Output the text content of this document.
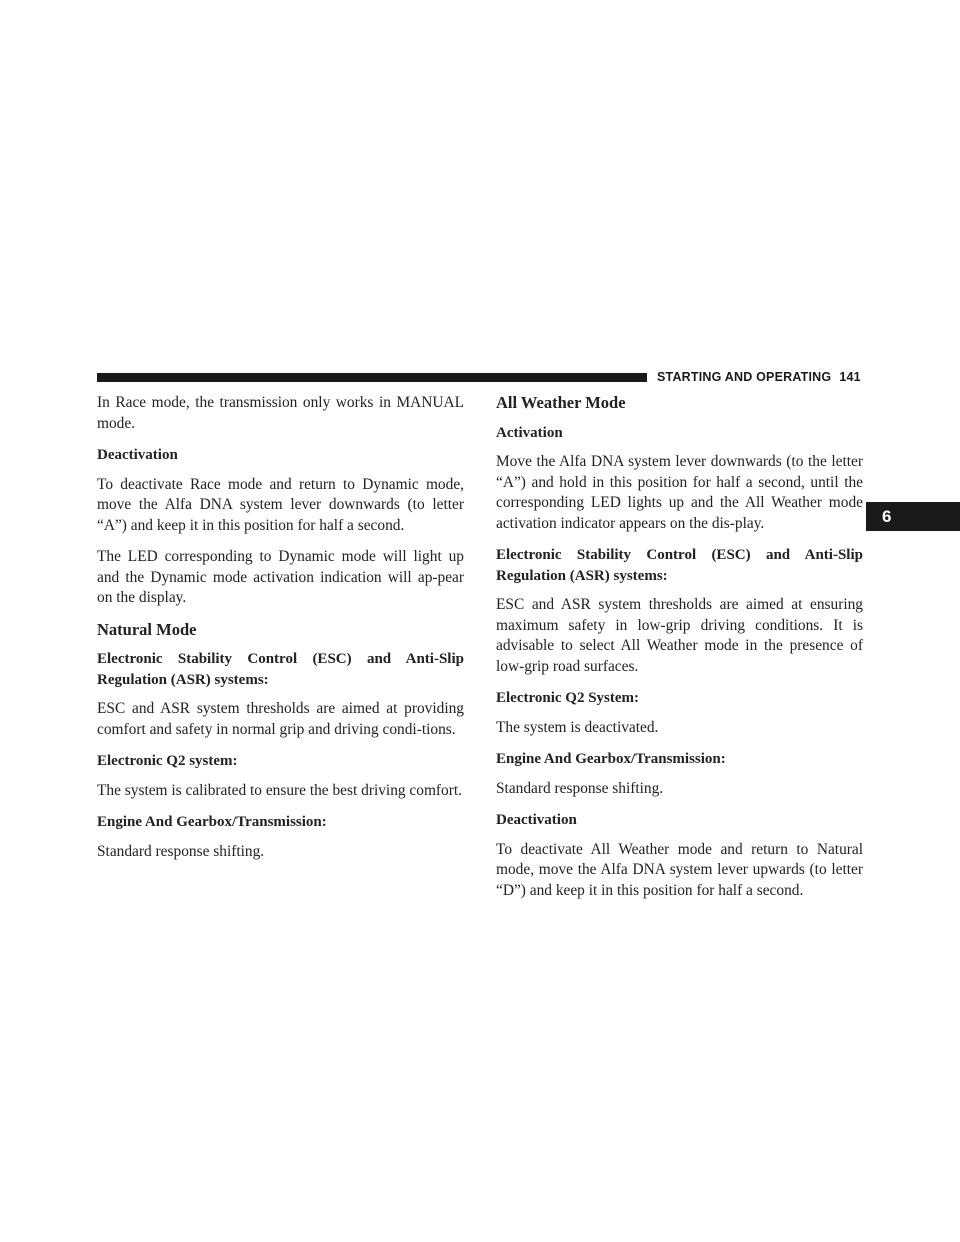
STARTING AND OPERATING 141
6

In Race mode, the transmission only works in MANUAL mode.

Deactivation

To deactivate Race mode and return to Dynamic mode, move the Alfa DNA system lever downwards (to letter “A”) and keep it in this position for half a second.

The LED corresponding to Dynamic mode will light up and the Dynamic mode activation indication will ap-pear on the display.

Natural Mode

Electronic Stability Control (ESC) and Anti-Slip Regulation (ASR) systems:

ESC and ASR system thresholds are aimed at providing comfort and safety in normal grip and driving condi-tions.

Electronic Q2 system:

The system is calibrated to ensure the best driving comfort.

Engine And Gearbox/Transmission:

Standard response shifting.

All Weather Mode

Activation

Move the Alfa DNA system lever downwards (to the letter “A”) and hold in this position for half a second, until the corresponding LED lights up and the All Weather mode activation indicator appears on the dis-play.

Electronic Stability Control (ESC) and Anti-Slip Regulation (ASR) systems:

ESC and ASR system thresholds are aimed at ensuring maximum safety in low-grip driving conditions. It is advisable to select All Weather mode in the presence of low-grip road surfaces.

Electronic Q2 System:

The system is deactivated.

Engine And Gearbox/Transmission:

Standard response shifting.

Deactivation

To deactivate All Weather mode and return to Natural mode, move the Alfa DNA system lever upwards (to letter “D”) and keep it in this position for half a second.
